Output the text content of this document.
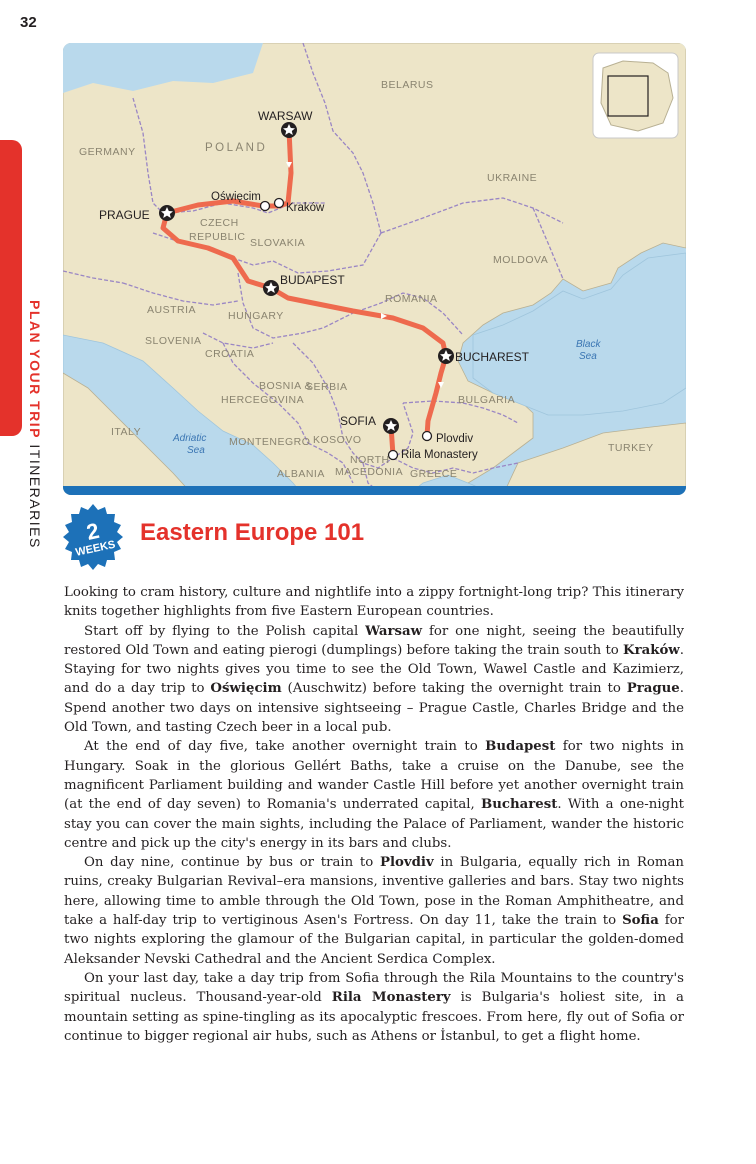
32
PLAN YOUR TRIP ITINERARIES
BELARUS
POLAND
GERMANY
UKRAINE
CZECH
REPUBLIC SLOVAKIA
MOLDOVA
AUSTRIA	HUNGARY
ROMANIA
SLOVENIA
CROATIA
BOSNIA &
HERCEGOVINA
SERBIA
BULGARIA
ITALY
MONTENEGRO KOSOVO
NORTH
MACEDONIA
ALBANIA	GREECE
TURKEY
Black
Sea
Adriatic
Sea
WARSAW
Oświęcim
Kraków
PRAGUE
BUDAPEST
BUCHAREST
SOFIA
Plovdiv
Rila Monastery
2
WEEKS
Eastern Europe 101

Looking to cram history, culture and nightlife into a zippy fortnight-long trip? This itinerary knits together highlights from five Eastern European countries.

Start off by flying to the Polish capital Warsaw for one night, seeing the beautifully restored Old Town and eating pierogi (dumplings) before taking the train south to Kraków. Staying for two nights gives you time to see the Old Town, Wawel Castle and Kazimierz, and do a day trip to Oświęcim (Auschwitz) before taking the overnight train to Prague. Spend another two days on intensive sightseeing – Prague Castle, Charles Bridge and the Old Town, and tasting Czech beer in a local pub.

At the end of day five, take another overnight train to Budapest for two nights in Hungary. Soak in the glorious Gellért Baths, take a cruise on the Danube, see the magnificent Parliament building and wander Castle Hill before yet another overnight train (at the end of day seven) to Romania's underrated capital, Bucharest. With a one-night stay you can cover the main sights, including the Palace of Parliament, wander the historic centre and pick up the city's energy in its bars and clubs.

On day nine, continue by bus or train to Plovdiv in Bulgaria, equally rich in Roman ruins, creaky Bulgarian Revival–era mansions, inventive galleries and bars. Stay two nights here, allowing time to amble through the Old Town, pose in the Roman Amphitheatre, and take a half-day trip to vertiginous Asen's Fortress. On day 11, take the train to Sofia for two nights exploring the glamour of the Bulgarian capital, in particular the golden-domed Aleksander Nevski Cathedral and the Ancient Serdica Complex.

On your last day, take a day trip from Sofia through the Rila Mountains to the country's spiritual nucleus. Thousand-year-old Rila Monastery is Bulgaria's holiest site, in a mountain setting as spine-tingling as its apocalyptic frescoes. From here, fly out of Sofia or continue to bigger regional air hubs, such as Athens or İstanbul, to get a flight home.
